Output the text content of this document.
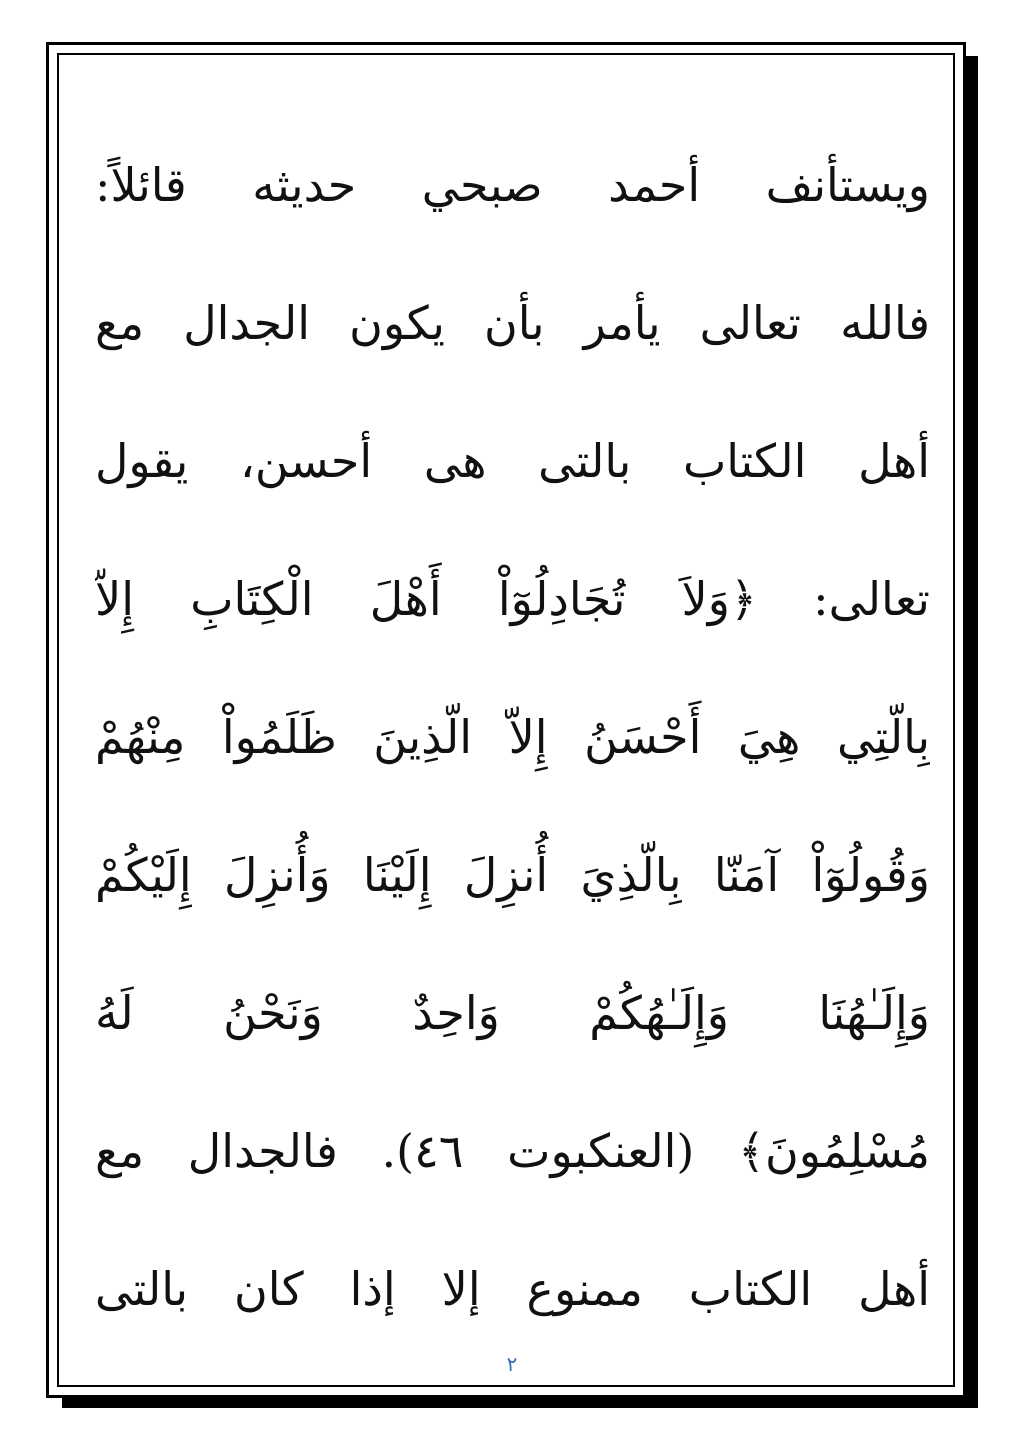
ويستأنف أحمد صبحي حديثه قائلاً:
فالله تعالى يأمر بأن يكون الجدال مع
أهل الكتاب بالتى هى أحسن، يقول
تعالى: ﴿وَلاَ تُجَادِلُوٓاْ أَهْلَ الْكِتَابِ إِلاّ
بِالّتِي هِيَ أَحْسَنُ إِلاّ الّذِينَ ظَلَمُواْ مِنْهُمْ
وَقُولُوٓاْ آمَنّا بِالّذِيَ أُنزِلَ إِلَيْنَا وَأُنزِلَ إِلَيْكُمْ
وَإِلَـٰهُنَا وَإِلَـٰهُكُمْ وَاحِدٌ وَنَحْنُ لَهُ
مُسْلِمُونَ﴾ (العنكبوت ٤٦). فالجدال مع
أهل الكتاب ممنوع إلا إذا كان بالتى
٢
